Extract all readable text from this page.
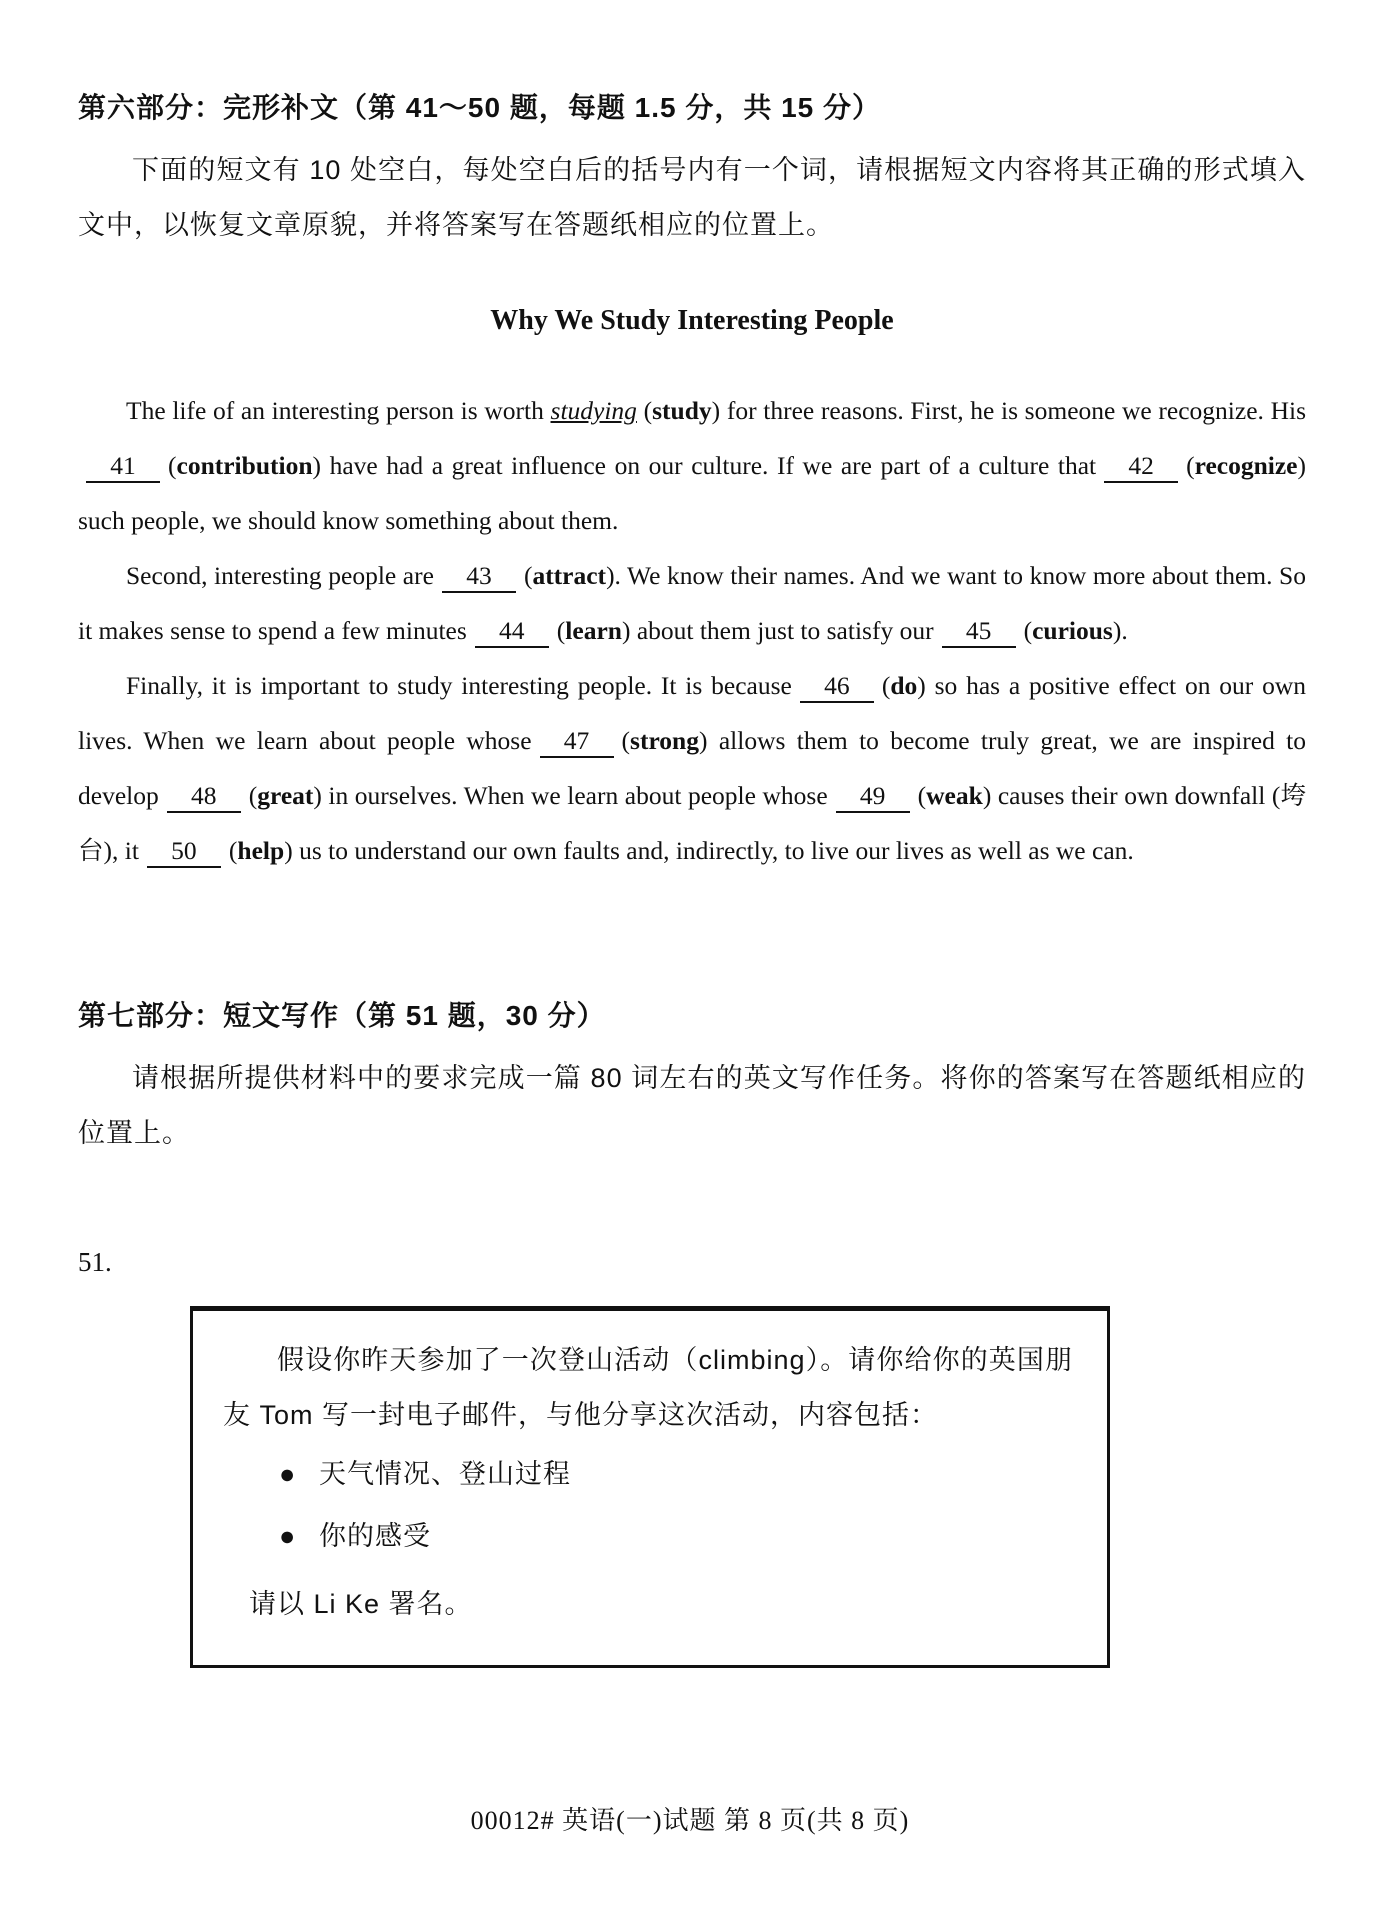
第六部分：完形补文（第 41～50 题，每题 1.5 分，共 15 分）
下面的短文有 10 处空白，每处空白后的括号内有一个词，请根据短文内容将其正确的形式填入文中，以恢复文章原貌，并将答案写在答题纸相应的位置上。
Why We Study Interesting People

The life of an interesting person is worth studying (study) for three reasons. First, he is someone we recognize. His41 (contribution) have had a great influence on our culture. If we are part of a culture that 42 (recognize) such people, we should know something about them.

Second, interesting people are 43 (attract). We know their names. And we want to know more about them. So it makes sense to spend a few minutes 44 (learn) about them just to satisfy our 45 (curious).

Finally, it is important to study interesting people. It is because 46 (do) so has a positive effect on our own lives. When we learn about people whose 47 (strong) allows them to become truly great, we are inspired to develop 48 (great) in ourselves. When we learn about people whose 49 (weak) causes their own downfall (垮台), it 50 (help) us to understand our own faults and, indirectly, to live our lives as well as we can.

第七部分：短文写作（第 51 题，30 分）
请根据所提供材料中的要求完成一篇 80 词左右的英文写作任务。将你的答案写在答题纸相应的位置上。
51.
假设你昨天参加了一次登山活动（climbing）。请你给你的英国朋友 Tom 写一封电子邮件，与他分享这次活动，内容包括：
● 天气情况、登山过程
● 你的感受
请以 Li Ke 署名。
00012# 英语(一)试题 第 8 页(共 8 页)
